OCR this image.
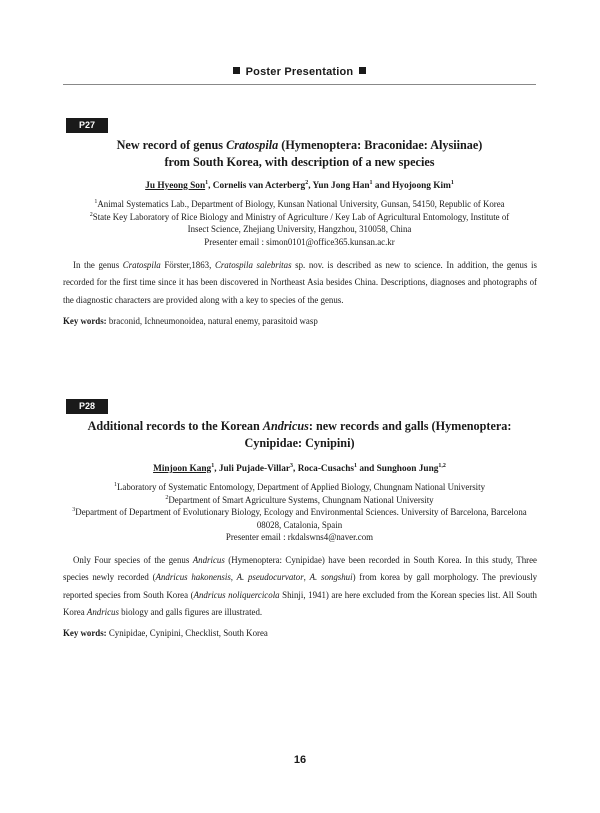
Poster Presentation
P27
New record of genus Cratospila (Hymenoptera: Braconidae: Alysiinae)
from South Korea, with description of a new species
Ju Hyeong Son$^1$, Cornelis van Acterberg$^2$, Yun Jong Han$^1$ and Hyojoong Kim$^1$
$^1$Animal Systematics Lab., Department of Biology, Kunsan National University, Gunsan, 54150, Republic of Korea
$^2$State Key Laboratory of Rice Biology and Ministry of Agriculture / Key Lab of Agricultural Entomology, Institute of
Insect Science, Zhejiang University, Hangzhou, 310058, China
Presenter email : simon0101@office365.kunsan.ac.kr
In the genus Cratospila Förster,1863, Cratospila salebritas sp. nov. is described as new to science. In addition, the genus is recorded for the first time since it has been discovered in Northeast Asia besides China. Descriptions, diagnoses and photographs of the diagnostic characters are provided along with a key to species of the genus.
Key words: braconid, Ichneumonoidea, natural enemy, parasitoid wasp
P28
Additional records to the Korean Andricus: new records and galls (Hymenoptera:
Cynipidae: Cynipini)
Minjoon Kang$^1$, Juli Pujade-Villar$^3$, Roca-Cusachs$^1$ and Sunghoon Jung$^{1,2}$
$^1$Laboratory of Systematic Entomology, Department of Applied Biology, Chungnam National University
$^2$Department of Smart Agriculture Systems, Chungnam National University
$^3$Department of Department of Evolutionary Biology, Ecology and Environmental Sciences. University of Barcelona, Barcelona
08028, Catalonia, Spain
Presenter email : rkdalswns4@naver.com
Only Four species of the genus Andricus (Hymenoptera: Cynipidae) have been recorded in South Korea. In this study, Three species newly recorded (Andricus hakonensis, A. pseudocurvator, A. songshui) from korea by gall morphology. The previously reported species from South Korea (Andricus noliquercicola Shinji, 1941) are here excluded from the Korean species list. All South Korea Andricus biology and galls figures are illustrated.
Key words: Cynipidae, Cynipini, Checklist, South Korea
16
